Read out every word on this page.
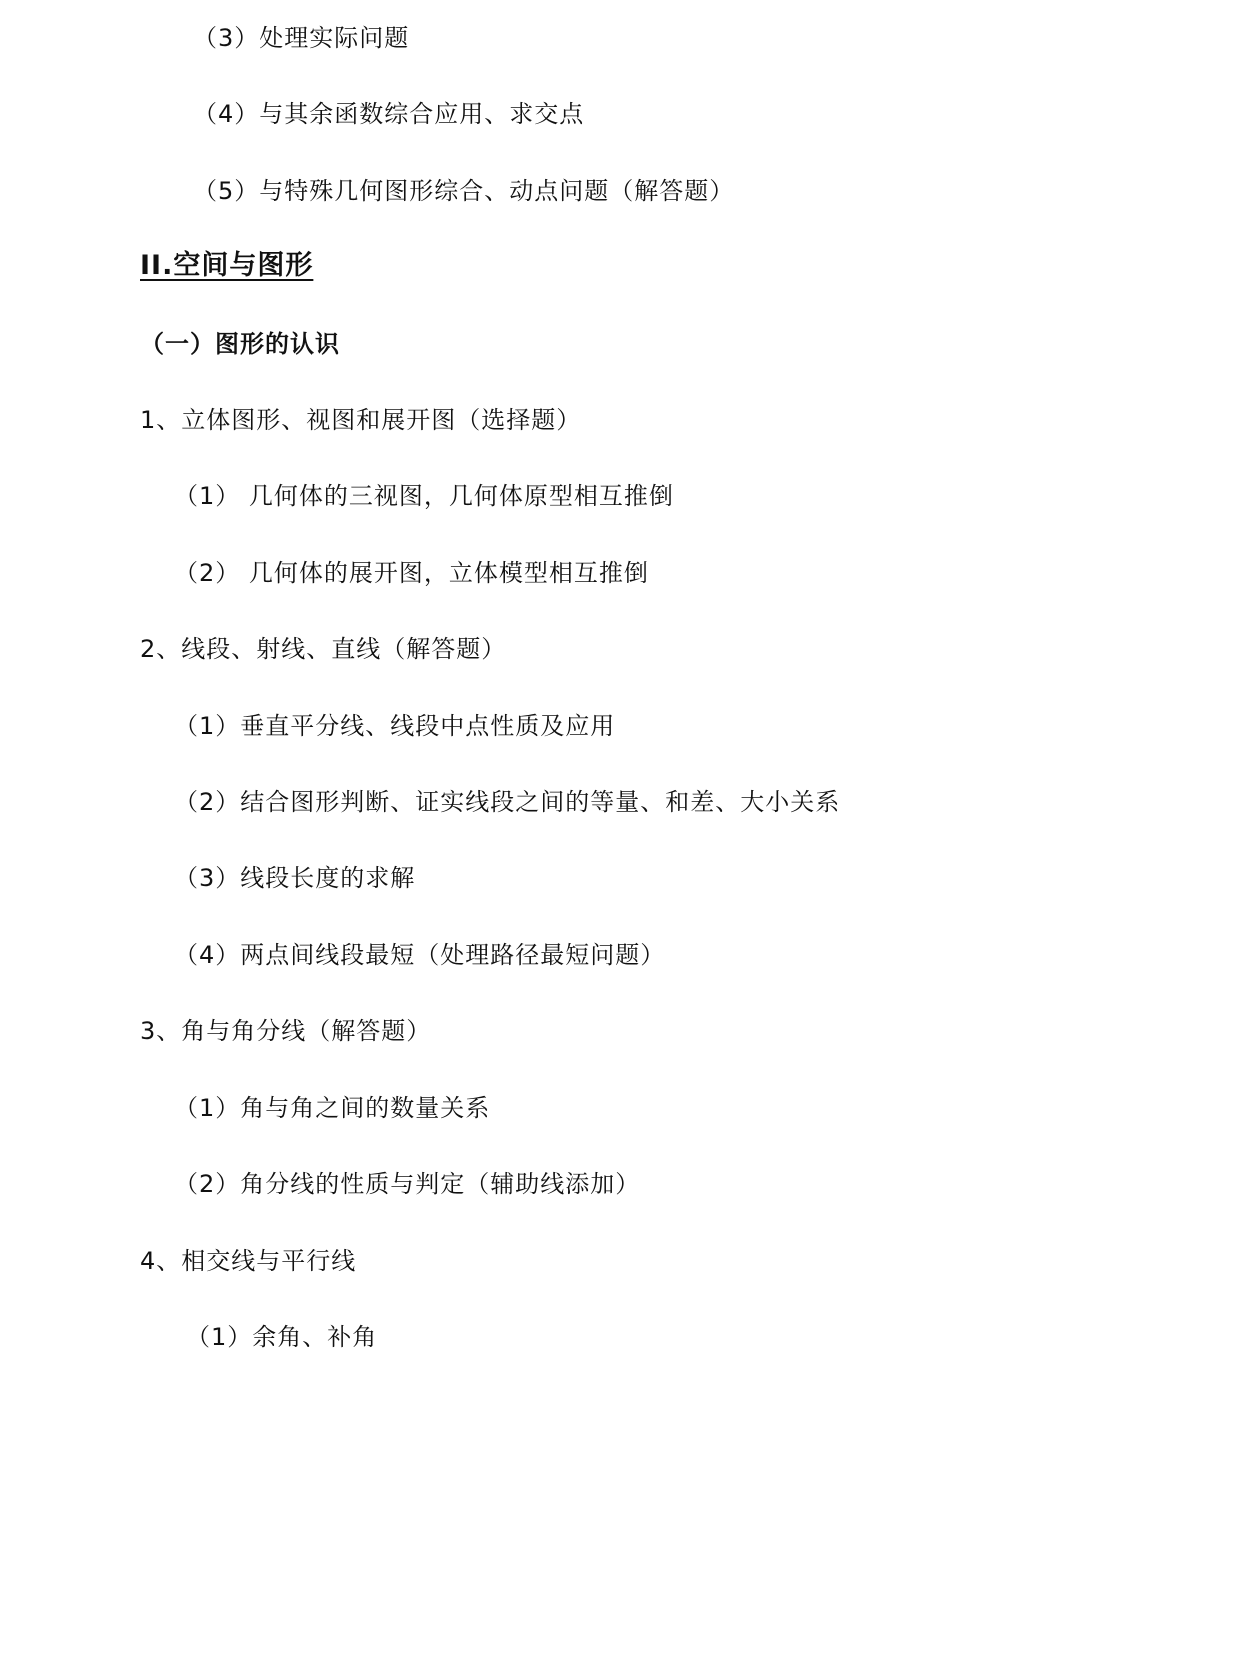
（3）处理实际问题
（4）与其余函数综合应用、求交点
（5）与特殊几何图形综合、动点问题（解答题）
II.空间与图形
（一）图形的认识
1、立体图形、视图和展开图（选择题）
（1） 几何体的三视图，几何体原型相互推倒
（2） 几何体的展开图，立体模型相互推倒
2、线段、射线、直线（解答题）
（1）垂直平分线、线段中点性质及应用
（2）结合图形判断、证实线段之间的等量、和差、大小关系
（3）线段长度的求解
（4）两点间线段最短（处理路径最短问题）
3、角与角分线（解答题）
（1）角与角之间的数量关系
（2）角分线的性质与判定（辅助线添加）
4、相交线与平行线
（1）余角、补角
